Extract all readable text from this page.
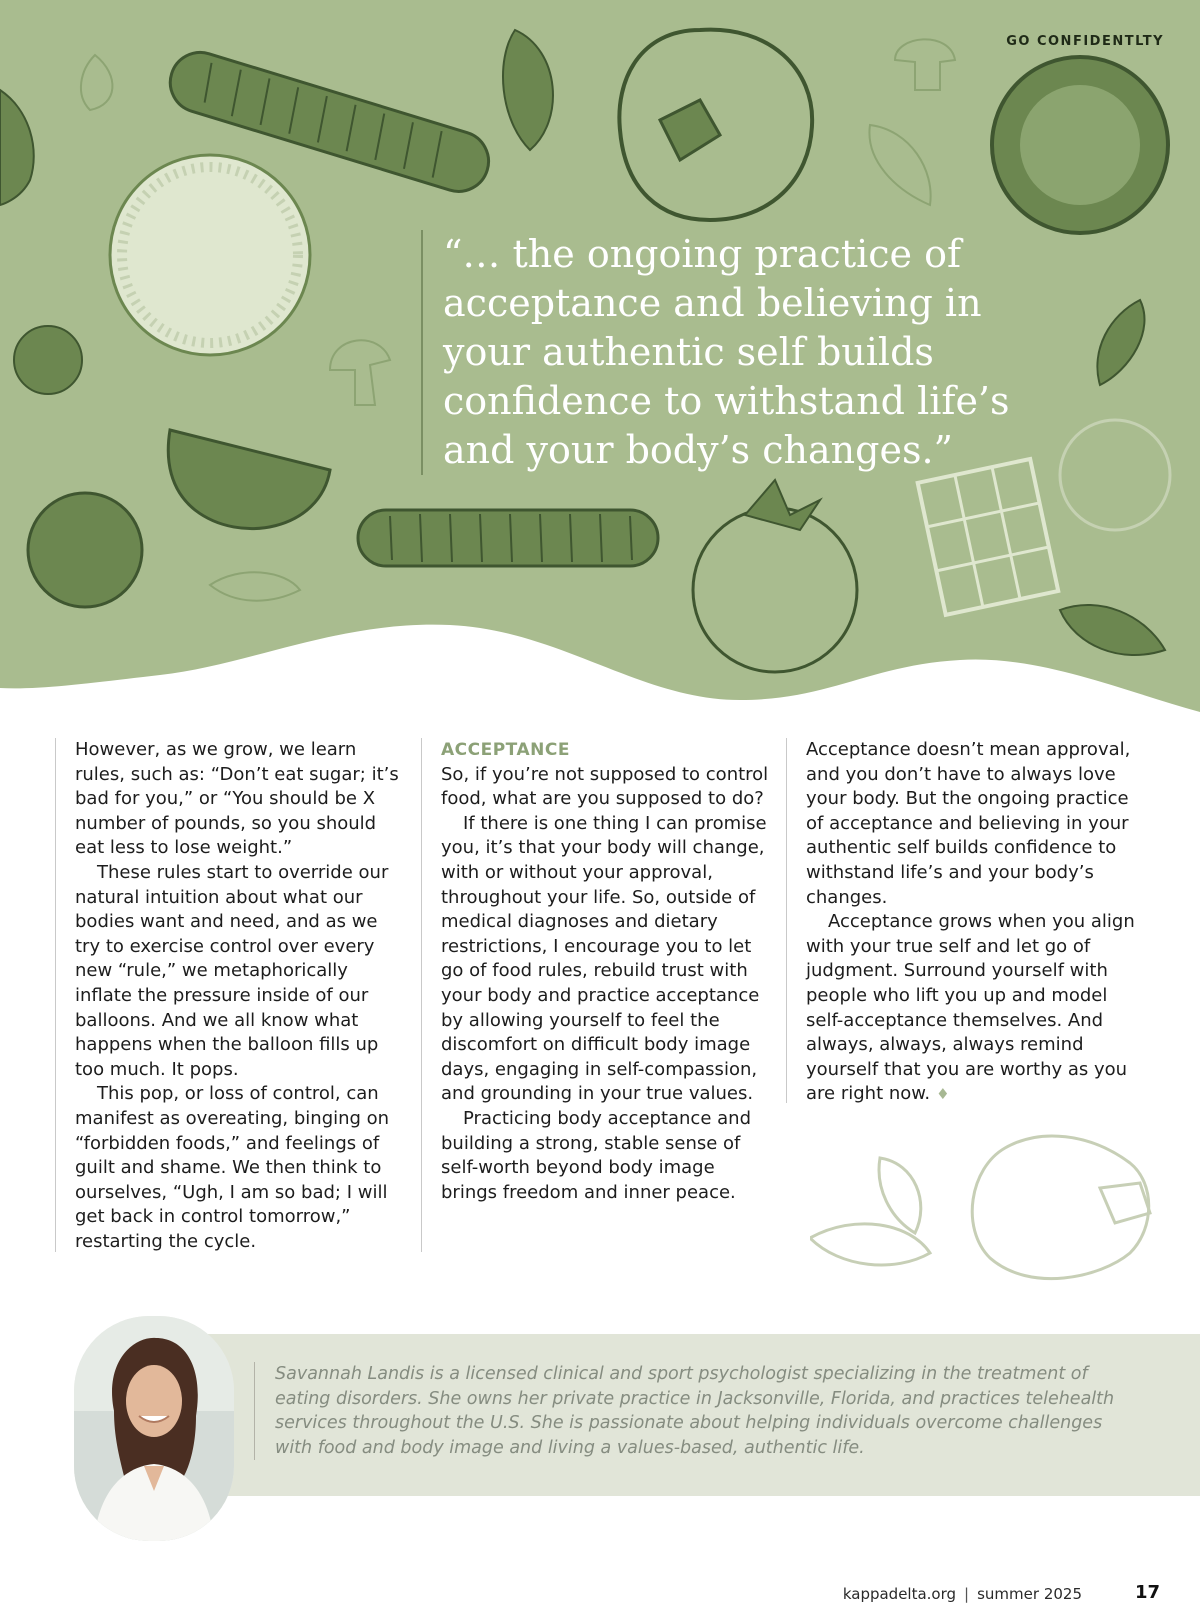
GO CONFIDENTLTY
“… the ongoing practice of acceptance and believing in your authentic self builds confidence to withstand life’s and your body’s changes.”

However, as we grow, we learn rules, such as: “Don’t eat sugar; it’s bad for you,” or “You should be X number of pounds, so you should eat less to lose weight.”

These rules start to override our natural intuition about what our bodies want and need, and as we try to exercise control over every new “rule,” we metaphorically inflate the pressure inside of our balloons. And we all know what happens when the balloon fills up too much. It pops.

This pop, or loss of control, can manifest as overeating, binging on “forbidden foods,” and feelings of guilt and shame. We then think to ourselves, “Ugh, I am so bad; I will get back in control tomorrow,” restarting the cycle.

ACCEPTANCE

So, if you’re not supposed to control food, what are you supposed to do?

If there is one thing I can promise you, it’s that your body will change, with or without your approval, throughout your life. So, outside of medical diagnoses and dietary restrictions, I encourage you to let go of food rules, rebuild trust with your body and practice acceptance by allowing yourself to feel the discomfort on difficult body image days, engaging in self-compassion, and grounding in your true values.

Practicing body acceptance and building a strong, stable sense of self-worth beyond body image brings freedom and inner peace.

Acceptance doesn’t mean approval, and you don’t have to always love your body. But the ongoing practice of acceptance and believing in your authentic self builds confidence to withstand life’s and your body’s changes.

Acceptance grows when you align with your true self and let go of judgment. Surround yourself with people who lift you up and model self-acceptance themselves. And always, always, always remind yourself that you are worthy as you are right now. ♦

Savannah Landis is a licensed clinical and sport psychologist specializing in the treatment of eating disorders. She owns her private practice in Jacksonville, Florida, and practices telehealth services throughout the U.S. She is passionate about helping individuals overcome challenges with food and body image and living a values-based, authentic life.
kappadelta.org | summer 2025	17
